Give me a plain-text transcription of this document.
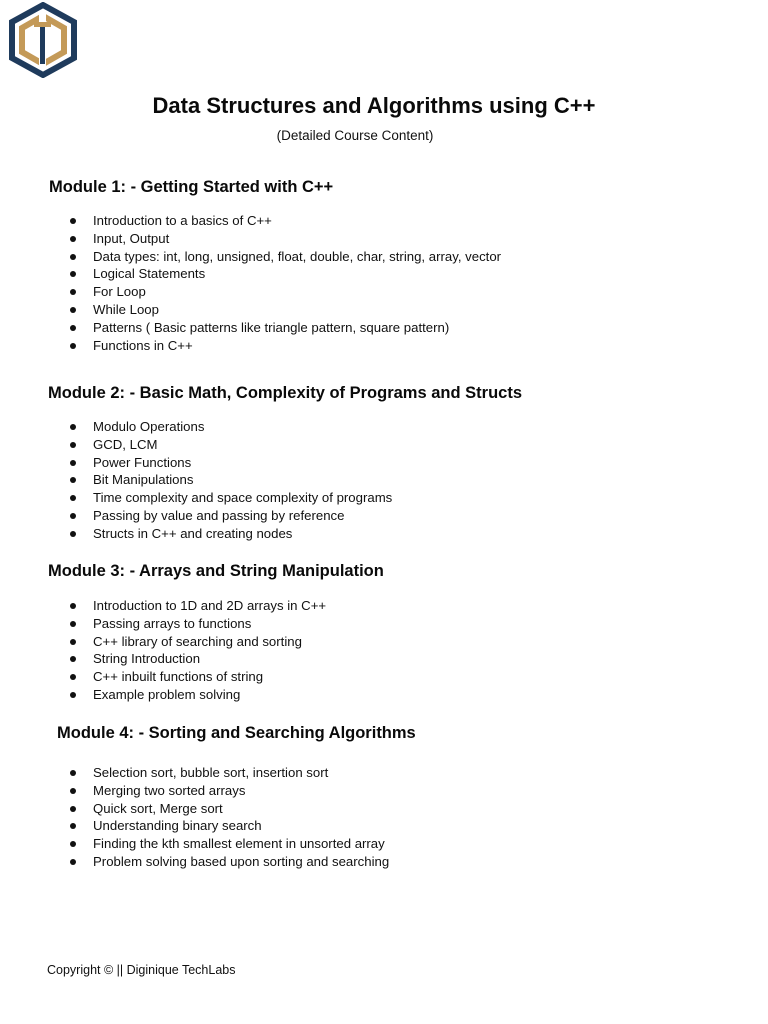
Data Structures and Algorithms using C++
(Detailed Course Content)
Module 1: - Getting Started with C++
Introduction to a basics of C++
Input, Output
Data types: int, long, unsigned, float, double, char, string, array, vector
Logical Statements
For Loop
While Loop
Patterns ( Basic patterns like triangle pattern, square pattern)
Functions in C++
Module 2: - Basic Math, Complexity of Programs and Structs
Modulo Operations
GCD, LCM
Power Functions
Bit Manipulations
Time complexity and space complexity of programs
Passing by value and passing by reference
Structs in C++ and creating nodes
Module 3: - Arrays and String Manipulation
Introduction to 1D and 2D arrays in C++
Passing arrays to functions
C++ library of searching and sorting
String Introduction
C++ inbuilt functions of string
Example problem solving
Module 4: - Sorting and Searching Algorithms
Selection sort, bubble sort, insertion sort
Merging two sorted arrays
Quick sort, Merge sort
Understanding binary search
Finding the kth smallest element in unsorted array
Problem solving based upon sorting and searching
Copyright © || Diginique TechLabs
